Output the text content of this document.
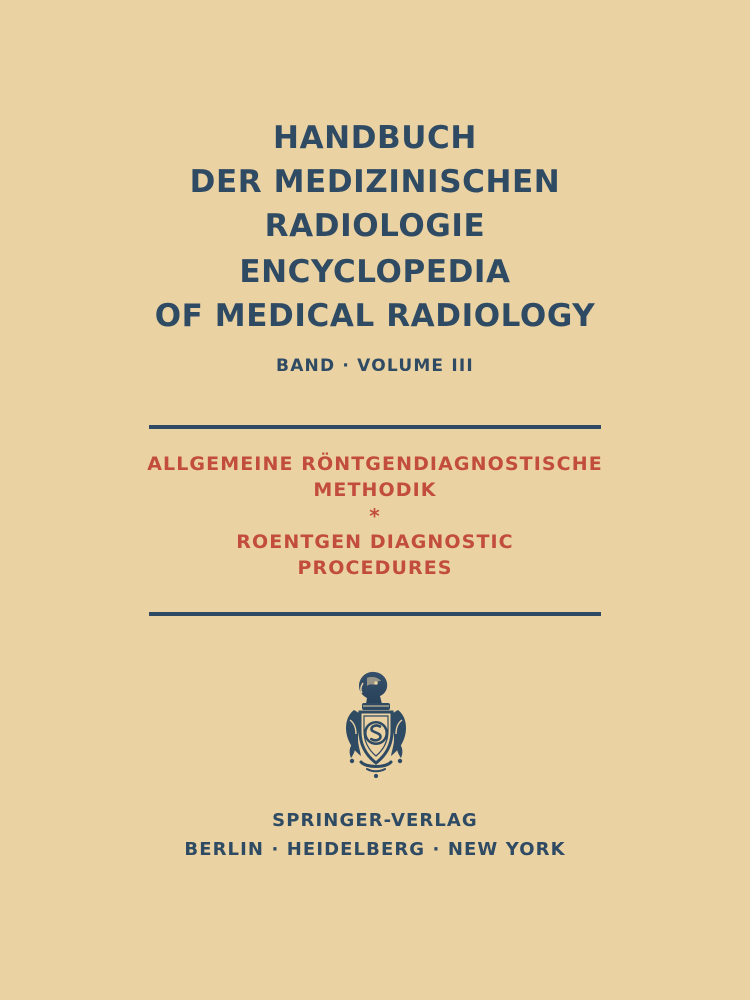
HANDBUCH

DER MEDIZINISCHEN

RADIOLOGIE

ENCYCLOPEDIA

OF MEDICAL RADIOLOGY

BAND · VOLUME III

ALLGEMEINE RÖNTGENDIAGNOSTISCHE

METHODIK

*

ROENTGEN DIAGNOSTIC

PROCEDURES

SPRINGER-VERLAG

BERLIN · HEIDELBERG · NEW YORK
